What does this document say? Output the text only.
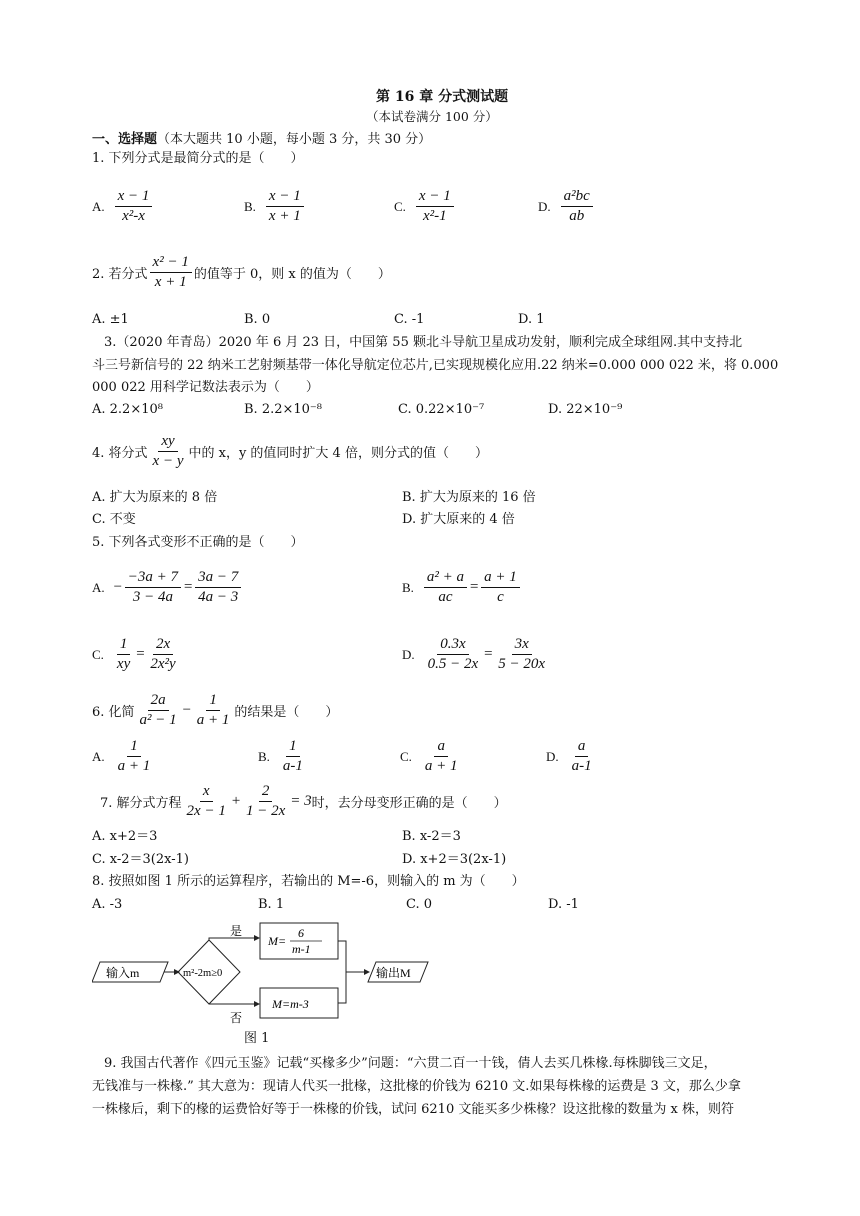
第 16 章 分式测试题
（本试卷满分 100 分）
一、选择题（本大题共 10 小题，每小题 3 分，共 30 分）
1. 下列分式是最简分式的是（　　）
A. $\frac{x - 1}{\text{x²-x}}$	B. $\frac{x - 1}{x + 1}$	C. $\frac{x - 1}{\text{x²-1}}$	D. $\frac{\text{a²bc}}{ab}$
2. 若分式 $\frac{\text{x² − 1}}{x + 1}$ 的值等于 0，则 x 的值为（　　）
A. ±1	B. 0	C. -1	D. 1
3.（2020 年青岛）2020 年 6 月 23 日，中国第 55 颗北斗导航卫星成功发射，顺利完成全球组网.其中支持北
斗三号新信号的 22 纳米工艺射频基带一体化导航定位芯片,已实现规模化应用.22 纳米=0.000 000 022 米，将 0.000
000 022 用科学记数法表示为（　　）
A. 2.2×10⁸	B. 2.2×10⁻⁸	C. 0.22×10⁻⁷	D. 22×10⁻⁹
4. 将分式 $\frac{xy}{x - y}$ 中的 x，y 的值同时扩大 4 倍，则分式的值（　　）
A. 扩大为原来的 8 倍	B. 扩大为原来的 16 倍
C. 不变	D. 扩大原来的 4 倍
5. 下列各式变形不正确的是（　　）
A. − $\frac{-3a + 7}{3 - 4a} = \frac{3a - 7}{4a - 3}$	B. $\frac{\text{a² + a}}{ac} = \frac{a + 1}{c}$
C. $\frac{1}{xy} = \frac{2x}{\text{2x²y}}$	D. $\frac{0.3x}{0.5 - 2x} = \frac{3x}{5 - 20x}$
6. 化简 $\frac{2a}{\text{a² − 1}} - \frac{1}{a + 1}$ 的结果是（　　）
A. $\frac{1}{a + 1}$	B. $\frac{1}{a-1}$	C. $\frac{a}{a + 1}$	D. $\frac{a}{a-1}$
7. 解分式方程 $\frac{x}{2x - 1} + \frac{2}{1 - 2x} = 3$ 时，去分母变形正确的是（　　）
A. x+2＝3	B. x-2＝3
C. x-2＝3(2x-1)	D. x+2＝3(2x-1)
8. 按照如图 1 所示的运算程序，若输出的 M=-6，则输入的 m 为（　　）
A. -3	B. 1	C. 0	D. -1
输入m	m²-2m≥0
是
否
M=
6
m-1
M=m-3
输出M
图 1
9. 我国古代著作《四元玉鉴》记载“买椽多少”问题：“六贯二百一十钱，倩人去买几株椽.每株脚钱三文足，
无钱准与一株椽.” 其大意为：现请人代买一批椽，这批椽的价钱为 6210 文.如果每株椽的运费是 3 文，那么少拿
一株椽后，剩下的椽的运费恰好等于一株椽的价钱，试问 6210 文能买多少株椽？设这批椽的数量为 x 株，则符
